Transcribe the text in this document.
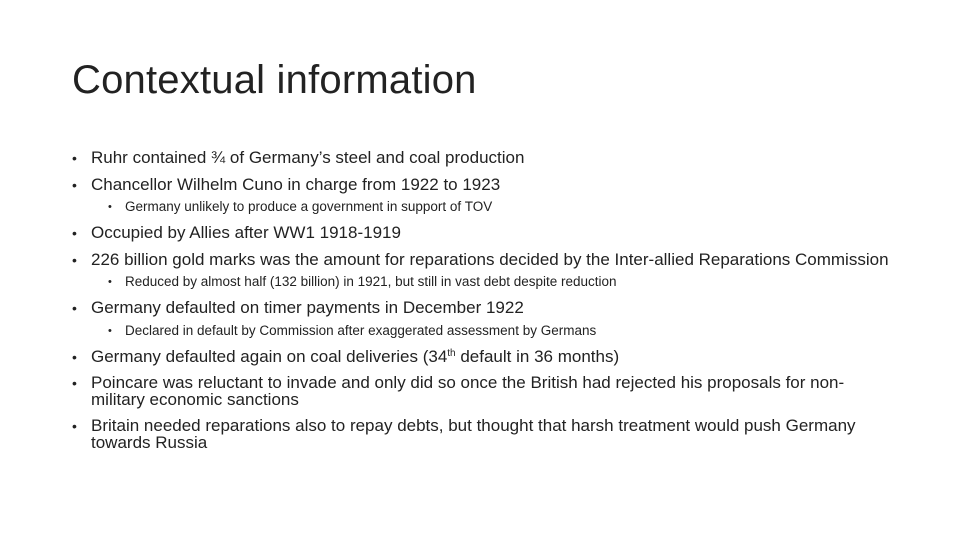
Contextual information
• Ruhr contained ¾ of Germany’s steel and coal production
• Chancellor Wilhelm Cuno in charge from 1922 to 1923
• Germany unlikely to produce a government in support of TOV
• Occupied by Allies after WW1 1918-1919
• 226 billion gold marks was the amount for reparations decided by the Inter-allied Reparations Commission
• Reduced by almost half (132 billion) in 1921, but still in vast debt despite reduction
• Germany defaulted on timer payments in December 1922
• Declared in default by Commission after exaggerated assessment by Germans
• Germany defaulted again on coal deliveries (34th default in 36 months)
• Poincare was reluctant to invade and only did so once the British had rejected his proposals for non-military economic sanctions
• Britain needed reparations also to repay debts, but thought that harsh treatment would push Germany towards Russia
